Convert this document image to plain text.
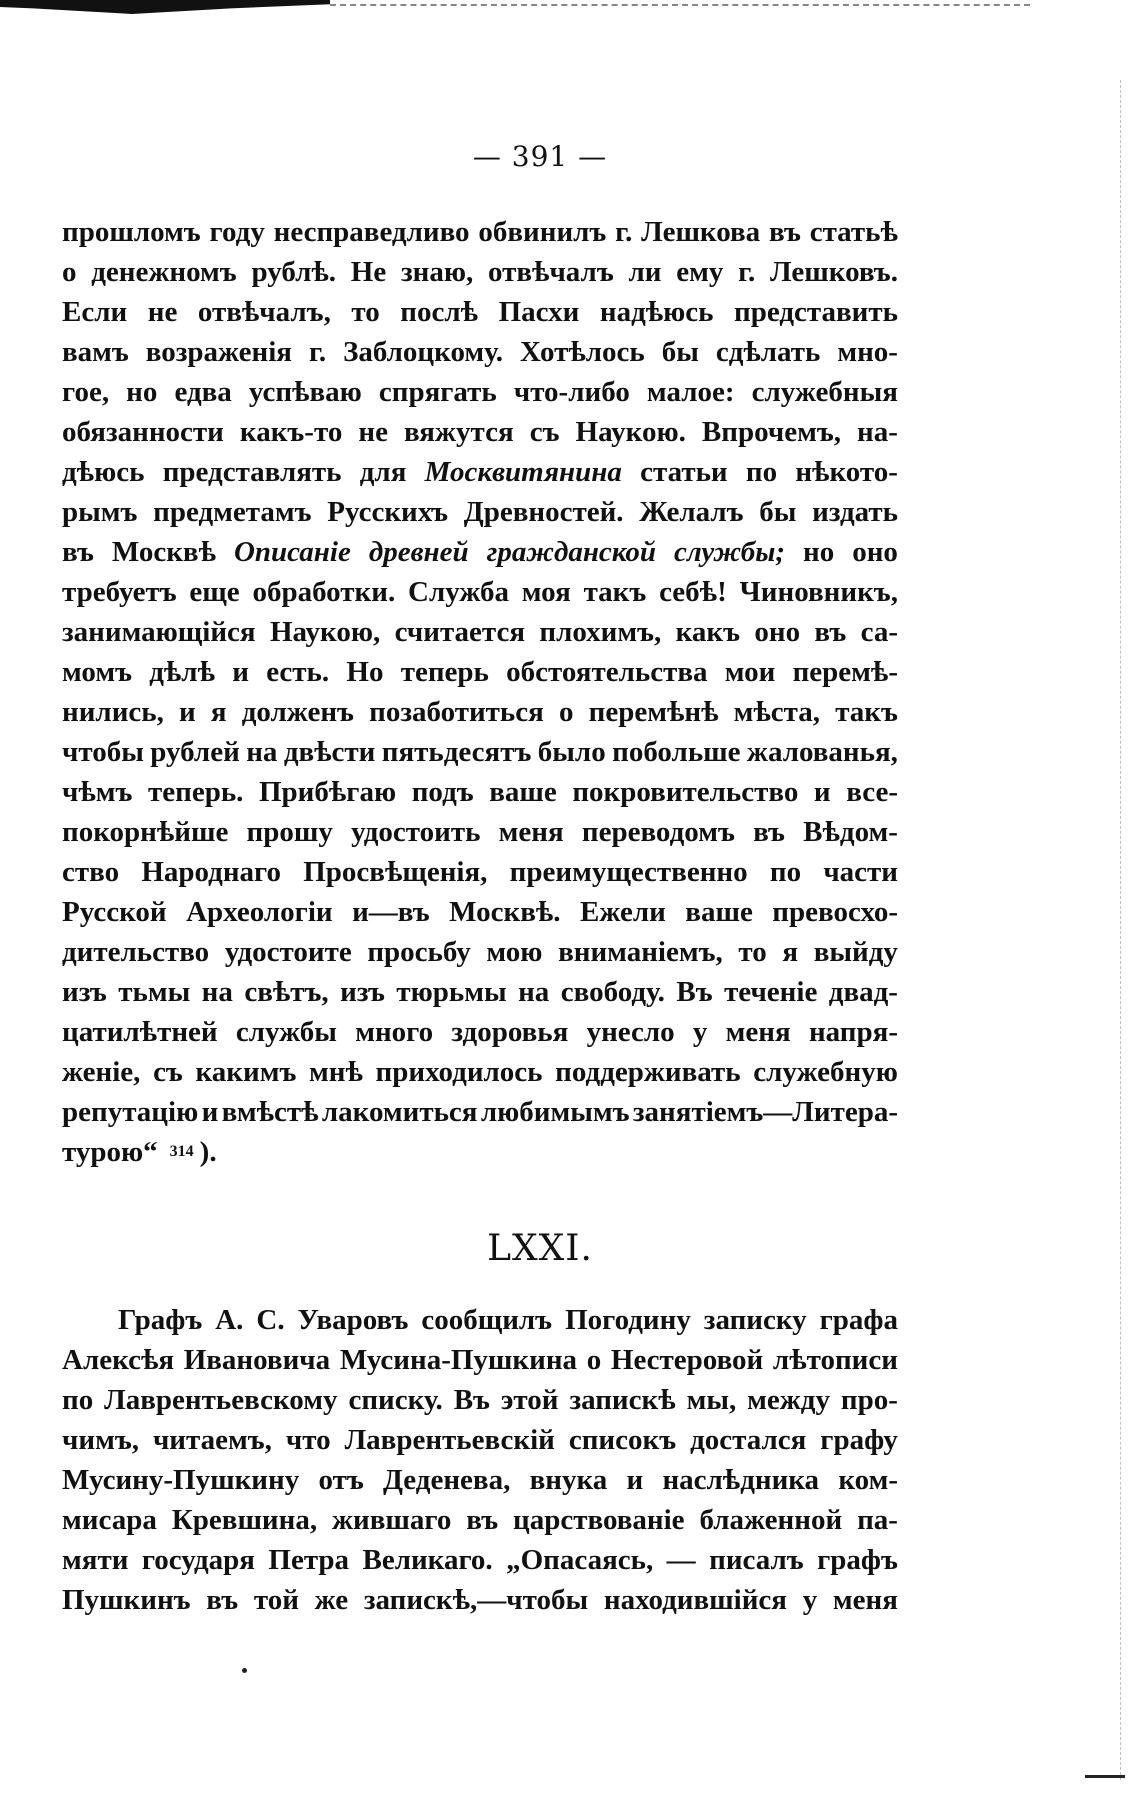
— 391 —
прошломъ году несправедливо обвинилъ г. Лешкова въ статьѣ
о денежномъ рублѣ. Не знаю, отвѣчалъ ли ему г. Лешковъ.
Если не отвѣчалъ, то послѣ Пасхи надѣюсь представить
вамъ возраженія г. Заблоцкому. Хотѣлось бы сдѣлать мно-
гое, но едва успѣваю спрягать что-либо малое: служебныя
обязанности какъ-то не вяжутся съ Наукою. Впрочемъ, на-
дѣюсь представлять для Москвитянина статьи по нѣкото-
рымъ предметамъ Русскихъ Древностей. Желалъ бы издать
въ Москвѣ Описаніе древней гражданской службы; но оно
требуетъ еще обработки. Служба моя такъ себѣ! Чиновникъ,
занимающійся Наукою, считается плохимъ, какъ оно въ са-
момъ дѣлѣ и есть. Но теперь обстоятельства мои перемѣ-
нились, и я долженъ позаботиться о перемѣнѣ мѣста, такъ
чтобы рублей на двѣсти пятьдесятъ было побольше жалованья,
чѣмъ теперь. Прибѣгаю подъ ваше покровительство и все-
покорнѣйше прошу удостоить меня переводомъ въ Вѣдом-
ство Народнаго Просвѣщенія, преимущественно по части
Русской Археологіи и—въ Москвѣ. Ежели ваше превосхо-
дительство удостоите просьбу мою вниманіемъ, то я выйду
изъ тьмы на свѣтъ, изъ тюрьмы на свободу. Въ теченіе двад-
цатилѣтней службы много здоровья унесло у меня напря-
женіе, съ какимъ мнѣ приходилось поддерживать служебную
репутацію и вмѣстѣ лакомиться любимымъ занятіемъ—Литера-
турою“ 314 ).
LXXI.
Графъ А. С. Уваровъ сообщилъ Погодину записку графа
Алексѣя Ивановича Мусина-Пушкина о Нестеровой лѣтописи
по Лаврентьевскому списку. Въ этой запискѣ мы, между про-
чимъ, читаемъ, что Лаврентьевскій списокъ достался графу
Мусину-Пушкину отъ Деденева, внука и наслѣдника ком-
мисара Кревшина, жившаго въ царствованіе блаженной па-
мяти государя Петра Великаго. „Опасаясь, — писалъ графъ
Пушкинъ въ той же запискѣ,—чтобы находившійся у меня
